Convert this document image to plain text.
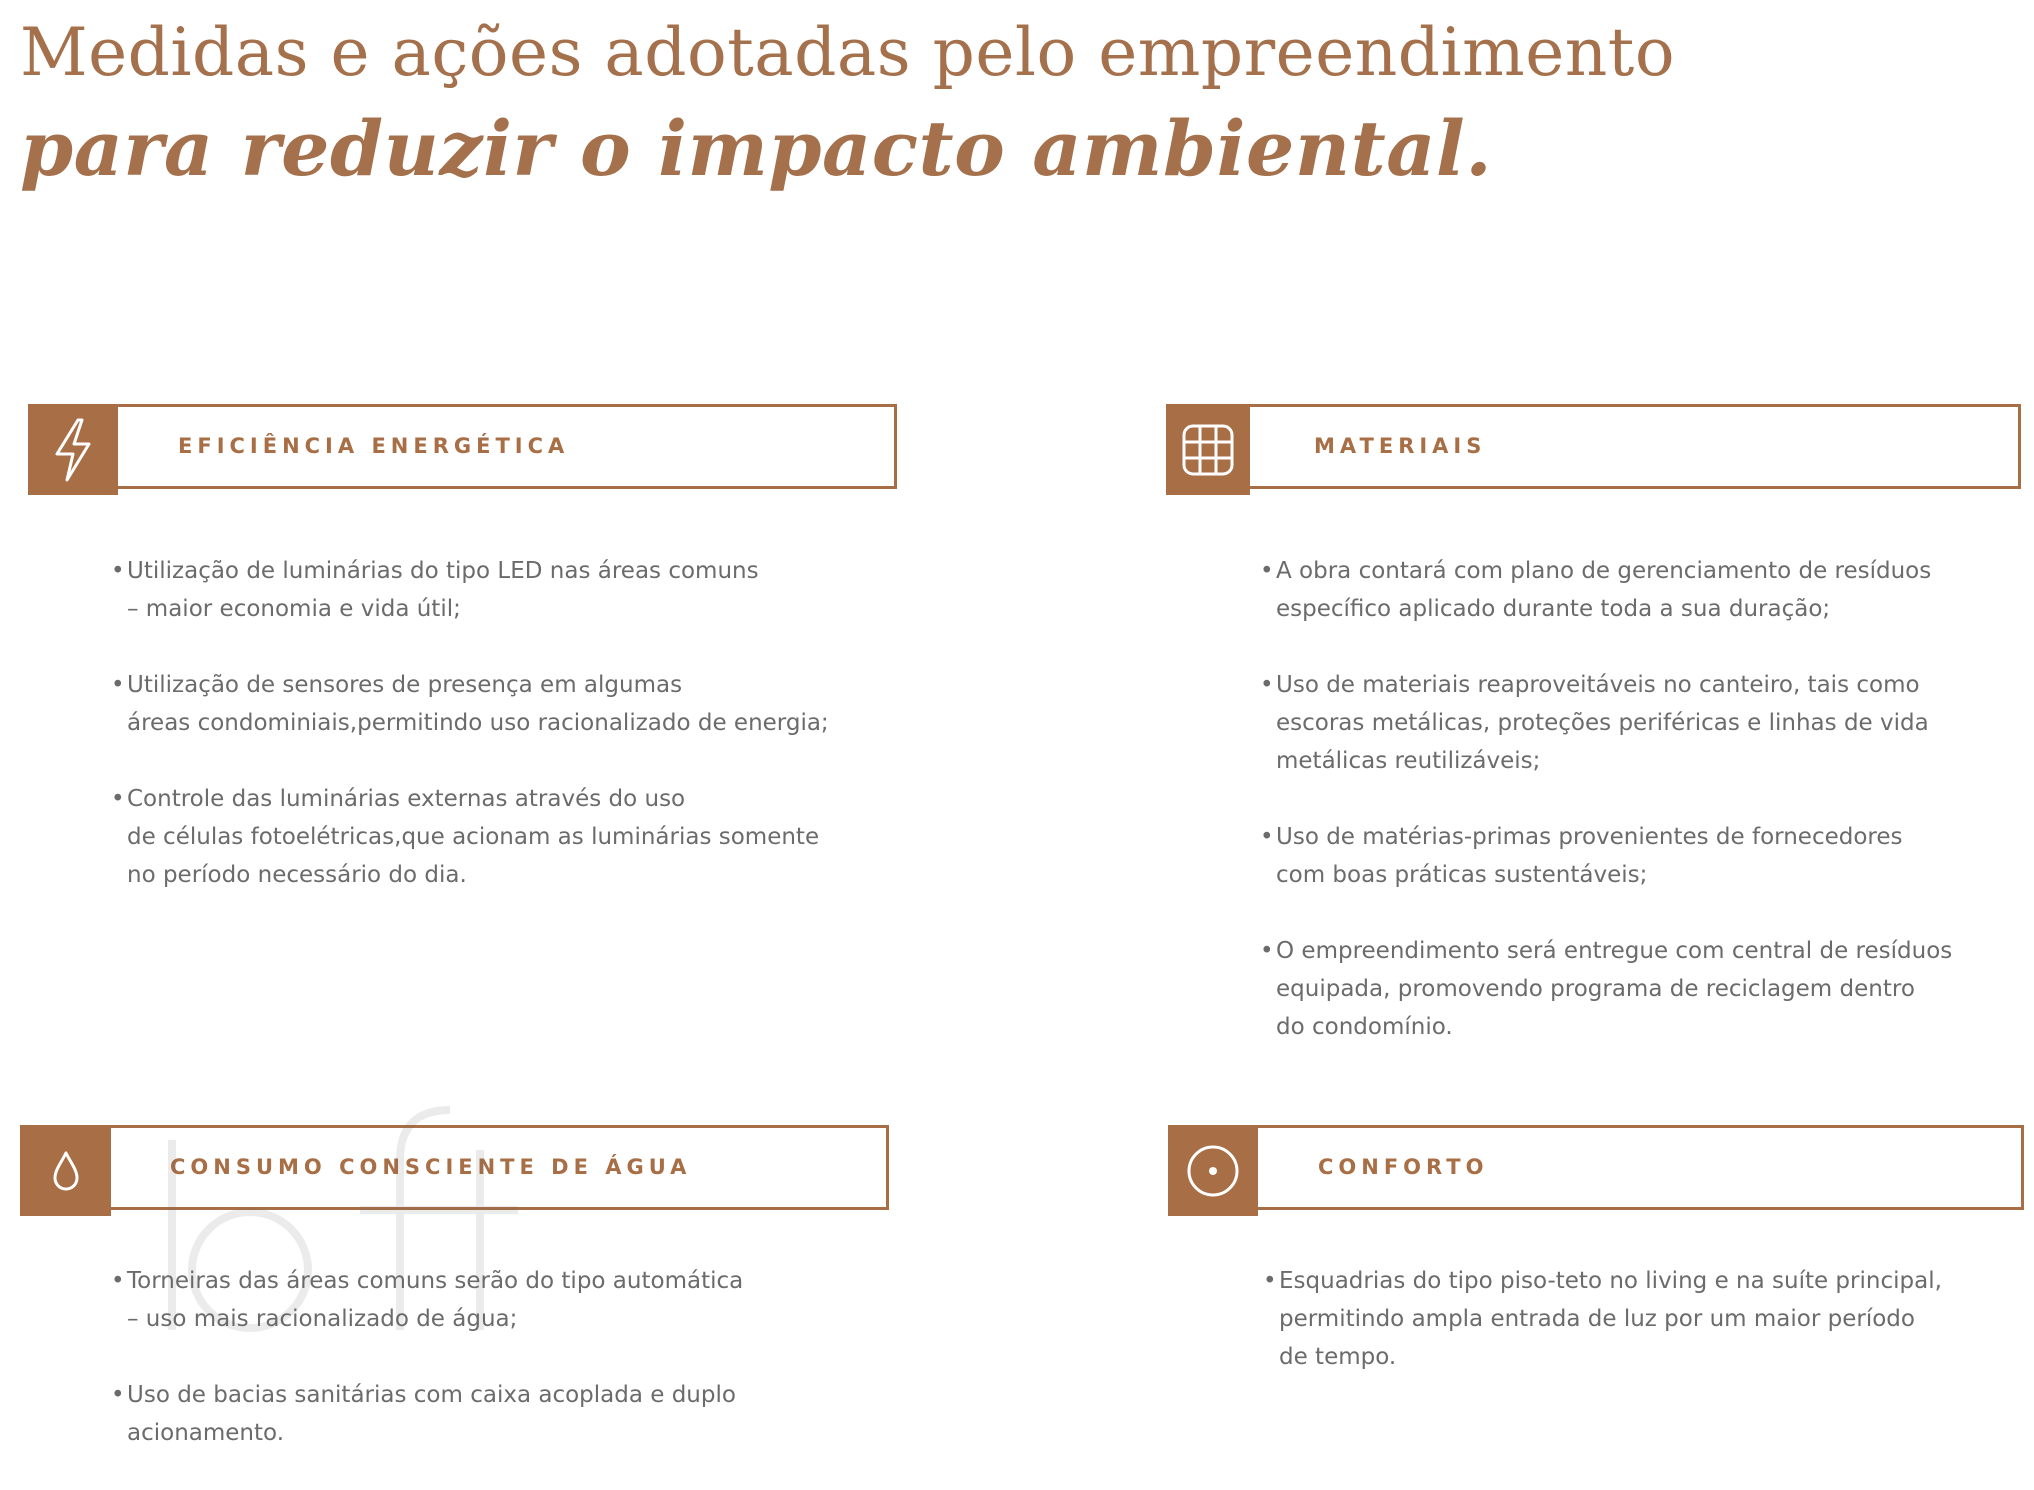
Medidas e ações adotadas pelo empreendimento
para reduzir o impacto ambiental.
EFICIÊNCIA ENERGÉTICA
• Utilização de luminárias do tipo LED nas áreas comuns
– maior economia e vida útil;
• Utilização de sensores de presença em algumas
áreas condominiais,permitindo uso racionalizado de energia;
• Controle das luminárias externas através do uso
de células fotoelétricas,que acionam as luminárias somente
no período necessário do dia.
MATERIAIS
• A obra contará com plano de gerenciamento de resíduos
específico aplicado durante toda a sua duração;
• Uso de materiais reaproveitáveis no canteiro, tais como
escoras metálicas, proteções periféricas e linhas de vida
metálicas reutilizáveis;
• Uso de matérias-primas provenientes de fornecedores
com boas práticas sustentáveis;
• O empreendimento será entregue com central de resíduos
equipada, promovendo programa de reciclagem dentro
do condomínio.
CONSUMO CONSCIENTE DE ÁGUA
• Torneiras das áreas comuns serão do tipo automática
– uso mais racionalizado de água;
• Uso de bacias sanitárias com caixa acoplada e duplo
acionamento.
CONFORTO
• Esquadrias do tipo piso-teto no living e na suíte principal,
permitindo ampla entrada de luz por um maior período
de tempo.
